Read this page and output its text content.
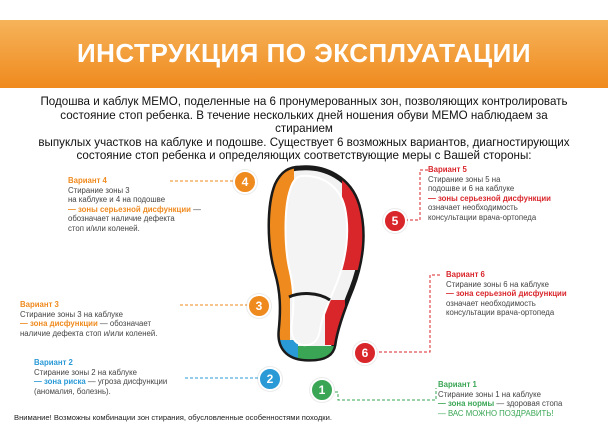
ИНСТРУКЦИЯ ПО ЭКСПЛУАТАЦИИ
Подошва и каблук МЕМО, поделенные на 6 пронумерованных зон, позволяющих контролировать
состояние стоп ребенка. В течение нескольких дней ношения обуви МЕМО наблюдаем за стиранием
выпуклых участков на каблуке и подошве. Существует 6 возможных вариантов, диагностирующих
состояние стоп ребенка и определяющих соответствующие меры с Вашей стороны:
4
3
2
1
5
6
Вариант 4
Стирание зоны 3
на каблуке и 4 на подошве
— зоны серьезной дисфункции —
обозначает наличие дефекта
стоп и/или коленей.
Вариант 3
Стирание зоны 3 на каблуке
— зона дисфункции — обозначает
наличие дефекта стоп и/или коленей.
Вариант 2
Стирание зоны 2 на каблуке
— зона риска — угроза дисфункции
(аномалия, болезнь).
Вариант 5
Стирание зоны 5 на
подошве и 6 на каблуке
— зоны серьезной дисфункции
означает необходимость
консультации врача-ортопеда
Вариант 6
Стирание зоны 6 на каблуке
— зона серьезной дисфункции
означает необходимость
консультации врача-ортопеда
Вариант 1
Стирание зоны 1 на каблуке
— зона нормы — здоровая стопа
— ВАС МОЖНО ПОЗДРАВИТЬ!
Внимание! Возможны комбинации зон стирания, обусловленные особенностями походки.
